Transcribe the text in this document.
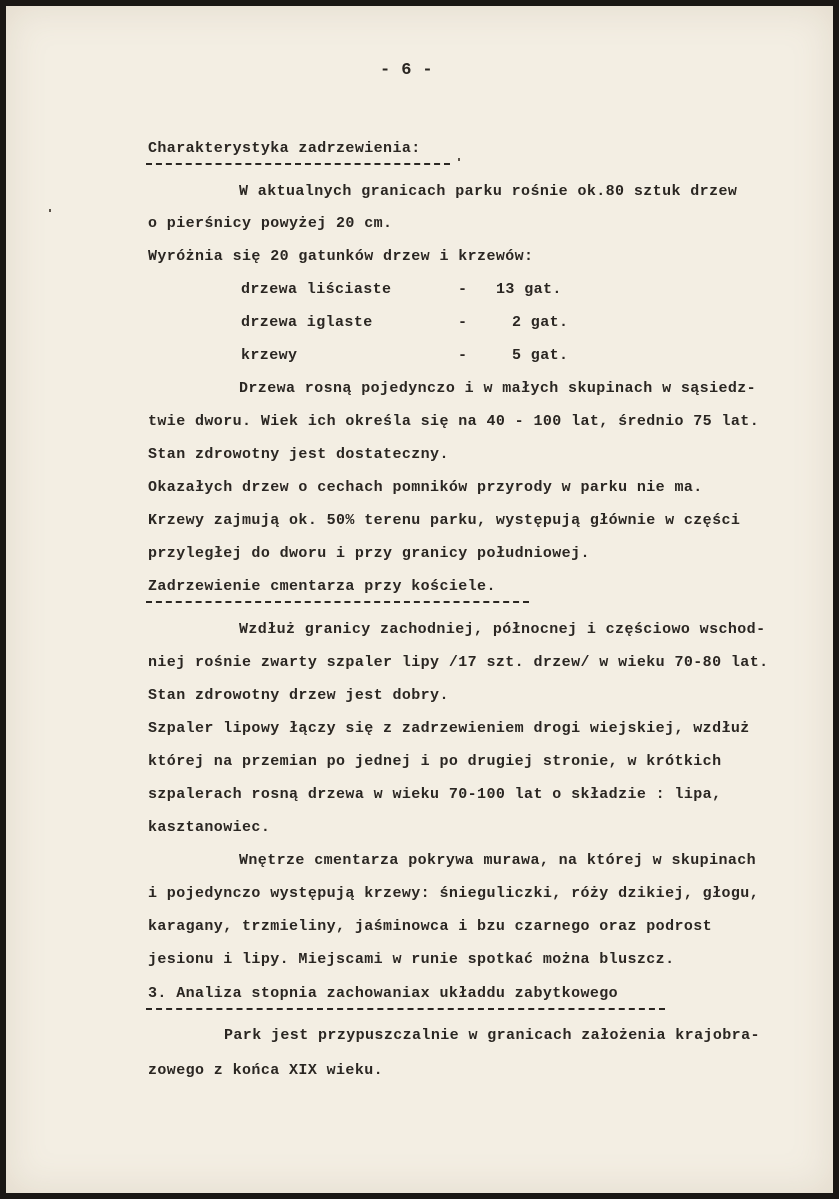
- 6 -

Charakterystyka zadrzewienia:

W aktualnych granicach parku rośnie ok.80 sztuk drzew

o pierśnicy powyżej 20 cm.

Wyróżnia się 20 gatunków drzew i krzewów:

drzewa liściaste	- 13 gat.

drzewa iglaste	-	2 gat.

krzewy	-	5 gat.

Drzewa rosną pojedynczo i w małych skupinach w sąsiedz-

twie dworu. Wiek ich określa się na 40 - 100 lat, średnio 75 lat.

Stan zdrowotny jest dostateczny.

Okazałych drzew o cechach pomników przyrody w parku nie ma.

Krzewy zajmują ok. 50% terenu parku, występują głównie w części

przyległej do dworu i przy granicy południowej.

Zadrzewienie cmentarza przy kościele.

Wzdłuż granicy zachodniej, północnej i częściowo wschod-

niej rośnie zwarty szpaler lipy /17 szt. drzew/ w wieku 70-80 lat.

Stan zdrowotny drzew jest dobry.

Szpaler lipowy łączy się z zadrzewieniem drogi wiejskiej, wzdłuż

której na przemian po jednej i po drugiej stronie, w krótkich

szpalerach rosną drzewa w wieku 70-100 lat o składzie : lipa,

kasztanowiec.

Wnętrze cmentarza pokrywa murawa, na której w skupinach

i pojedynczo występują krzewy: śnieguliczki, róży dzikiej, głogu,

karagany, trzmieliny, jaśminowca i bzu czarnego oraz podrost

jesionu i lipy. Miejscami w runie spotkać można bluszcz.

3. Analiza stopnia zachowaniax układdu zabytkowego

Park jest przypuszczalnie w granicach założenia krajobra-

zowego z końca XIX wieku.
